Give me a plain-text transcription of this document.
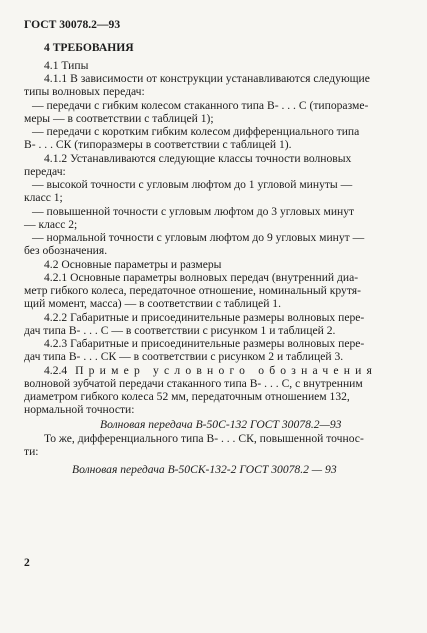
ГОСТ 30078.2—93
4 ТРЕБОВАНИЯ
4.1 Типы
4.1.1 В зависимости от конструкции устанавливаются следующие
типы волновых передач:
— передачи с гибким колесом стаканного типа В- . . . С (типоразме-
меры — в соответствии с таблицей 1);
— передачи с коротким гибким колесом дифференциального типа
В- . . . СК (типоразмеры в соответствии с таблицей 1).
4.1.2 Устанавливаются следующие классы точности волновых
передач:
— высокой точности с угловым люфтом до 1 угловой минуты —
класс 1;
— повышенной точности с угловым люфтом до 3 угловых минут
— класс 2;
— нормальной точности с угловым люфтом до 9 угловых минут —
без обозначения.
4.2 Основные параметры и размеры
4.2.1 Основные параметры волновых передач (внутренний диа-
метр гибкого колеса, передаточное отношение, номинальный крутя-
щий момент, масса) — в соответствии с таблицей 1.
4.2.2 Габаритные и присоединительные размеры волновых пере-
дач типа В- . . . С — в соответствии с рисунком 1 и таблицей 2.
4.2.3 Габаритные и присоединительные размеры волновых пере-
дач типа В- . . . СК — в соответствии с рисунком 2 и таблицей 3.
4.2.4 Пример условного обозначения
волновой зубчатой передачи стаканного типа В- . . . С, с внутренним
диаметром гибкого колеса 52 мм, передаточным отношением 132,
нормальной точности:
Волновая передача В-50С-132 ГОСТ 30078.2—93
То же, дифференциального типа В- . . . СК, повышенной точнос-
ти:
Волновая передача В-50СК-132-2 ГОСТ 30078.2 — 93
2
